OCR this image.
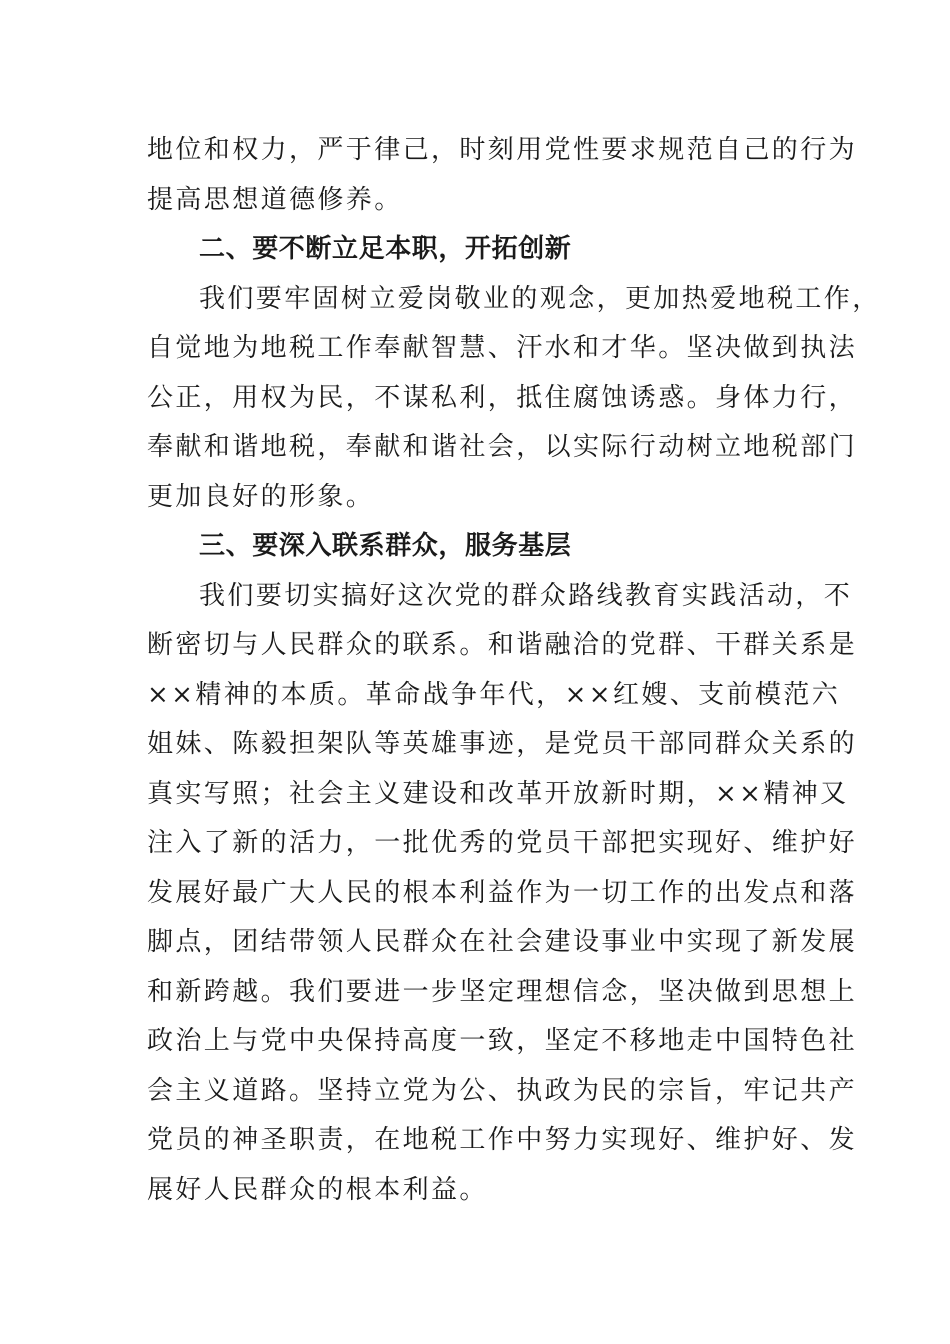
地位和权力，严于律己，时刻用党性要求规范自己的行为
提高思想道德修养。
二、要不断立足本职，开拓创新
我们要牢固树立爱岗敬业的观念，更加热爱地税工作，
自觉地为地税工作奉献智慧、汗水和才华。坚决做到执法
公正，用权为民，不谋私利，抵住腐蚀诱惑。身体力行，
奉献和谐地税，奉献和谐社会，以实际行动树立地税部门
更加良好的形象。
三、要深入联系群众，服务基层
我们要切实搞好这次党的群众路线教育实践活动，不
断密切与人民群众的联系。和谐融洽的党群、干群关系是
××精神的本质。革命战争年代，××红嫂、支前模范六
姐妹、陈毅担架队等英雄事迹，是党员干部同群众关系的
真实写照；社会主义建设和改革开放新时期，××精神又
注入了新的活力，一批优秀的党员干部把实现好、维护好
发展好最广大人民的根本利益作为一切工作的出发点和落
脚点，团结带领人民群众在社会建设事业中实现了新发展
和新跨越。我们要进一步坚定理想信念，坚决做到思想上
政治上与党中央保持高度一致，坚定不移地走中国特色社
会主义道路。坚持立党为公、执政为民的宗旨，牢记共产
党员的神圣职责，在地税工作中努力实现好、维护好、发
展好人民群众的根本利益。
